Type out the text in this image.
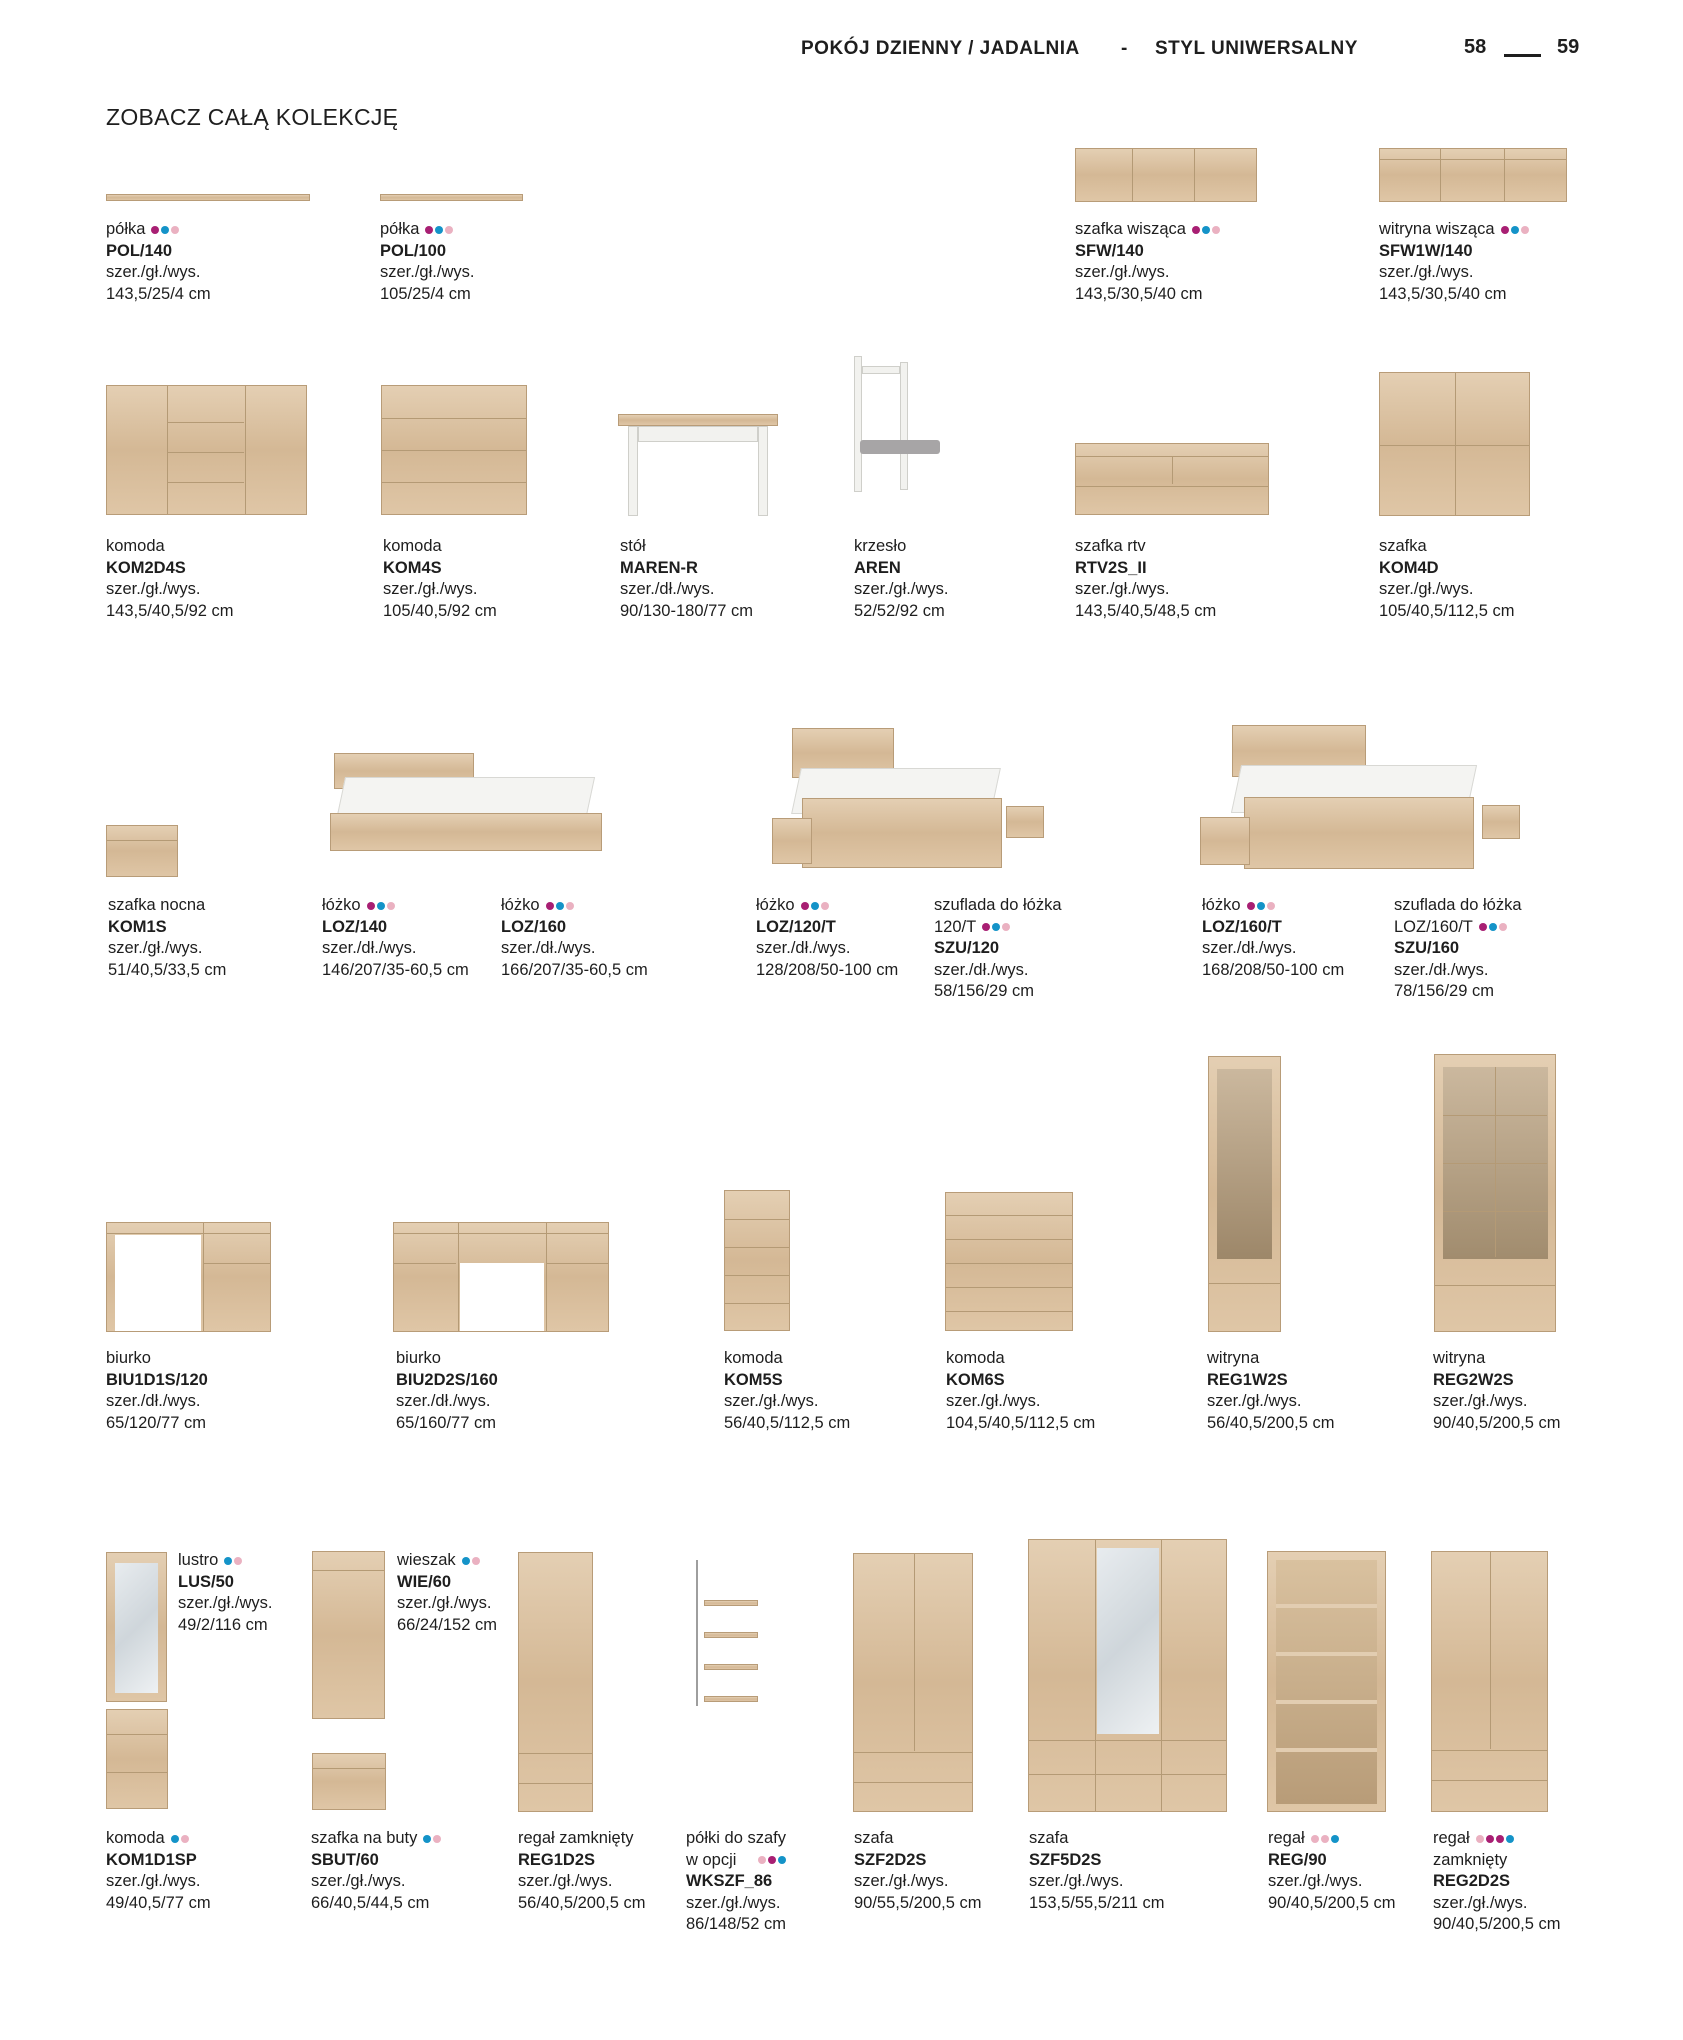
POKÓJ DZIENNY / JADALNIA - STYL UNIWERSALNY	58	59
ZOBACZ CAŁĄ KOLEKCJĘ
półka
POL/140
szer./gł./wys.
143,5/25/4 cm
półka
POL/100
szer./gł./wys.
105/25/4 cm
szafka wisząca
SFW/140
szer./gł./wys.
143,5/30,5/40 cm
witryna wisząca
SFW1W/140
szer./gł./wys.
143,5/30,5/40 cm
komoda
KOM2D4S
szer./gł./wys.
143,5/40,5/92 cm
komoda
KOM4S
szer./gł./wys.
105/40,5/92 cm
stół
MAREN-R
szer./dł./wys.
90/130-180/77 cm
krzesło
AREN
szer./gł./wys.
52/52/92 cm
szafka rtv
RTV2S_II
szer./gł./wys.
143,5/40,5/48,5 cm
szafka
KOM4D
szer./gł./wys.
105/40,5/112,5 cm
szafka nocna
KOM1S
szer./gł./wys.
51/40,5/33,5 cm
łóżko
LOZ/140
szer./dł./wys.
146/207/35-60,5 cm
łóżko
LOZ/160
szer./dł./wys.
166/207/35-60,5 cm
łóżko
LOZ/120/T
szer./dł./wys.
128/208/50-100 cm
szuflada do łóżka
120/T
SZU/120
szer./dł./wys.
58/156/29 cm
łóżko
LOZ/160/T
szer./dł./wys.
168/208/50-100 cm
szuflada do łóżka
LOZ/160/T
SZU/160
szer./dł./wys.
78/156/29 cm
biurko
BIU1D1S/120
szer./dł./wys.
65/120/77 cm
biurko
BIU2D2S/160
szer./dł./wys.
65/160/77 cm
komoda
KOM5S
szer./gł./wys.
56/40,5/112,5 cm
komoda
KOM6S
szer./gł./wys.
104,5/40,5/112,5 cm
witryna
REG1W2S
szer./gł./wys.
56/40,5/200,5 cm
witryna
REG2W2S
szer./gł./wys.
90/40,5/200,5 cm
lustro
LUS/50
szer./gł./wys.
49/2/116 cm
wieszak
WIE/60
szer./gł./wys.
66/24/152 cm
komoda
KOM1D1SP
szer./gł./wys.
49/40,5/77 cm
szafka na buty
SBUT/60
szer./gł./wys.
66/40,5/44,5 cm
regał zamknięty
REG1D2S
szer./gł./wys.
56/40,5/200,5 cm
półki do szafy
w opcji
WKSZF_86
szer./gł./wys.
86/148/52 cm
szafa
SZF2D2S
szer./gł./wys.
90/55,5/200,5 cm
szafa
SZF5D2S
szer./gł./wys.
153,5/55,5/211 cm
regał
REG/90
szer./gł./wys.
90/40,5/200,5 cm
regał
zamknięty
REG2D2S
szer./gł./wys.
90/40,5/200,5 cm
